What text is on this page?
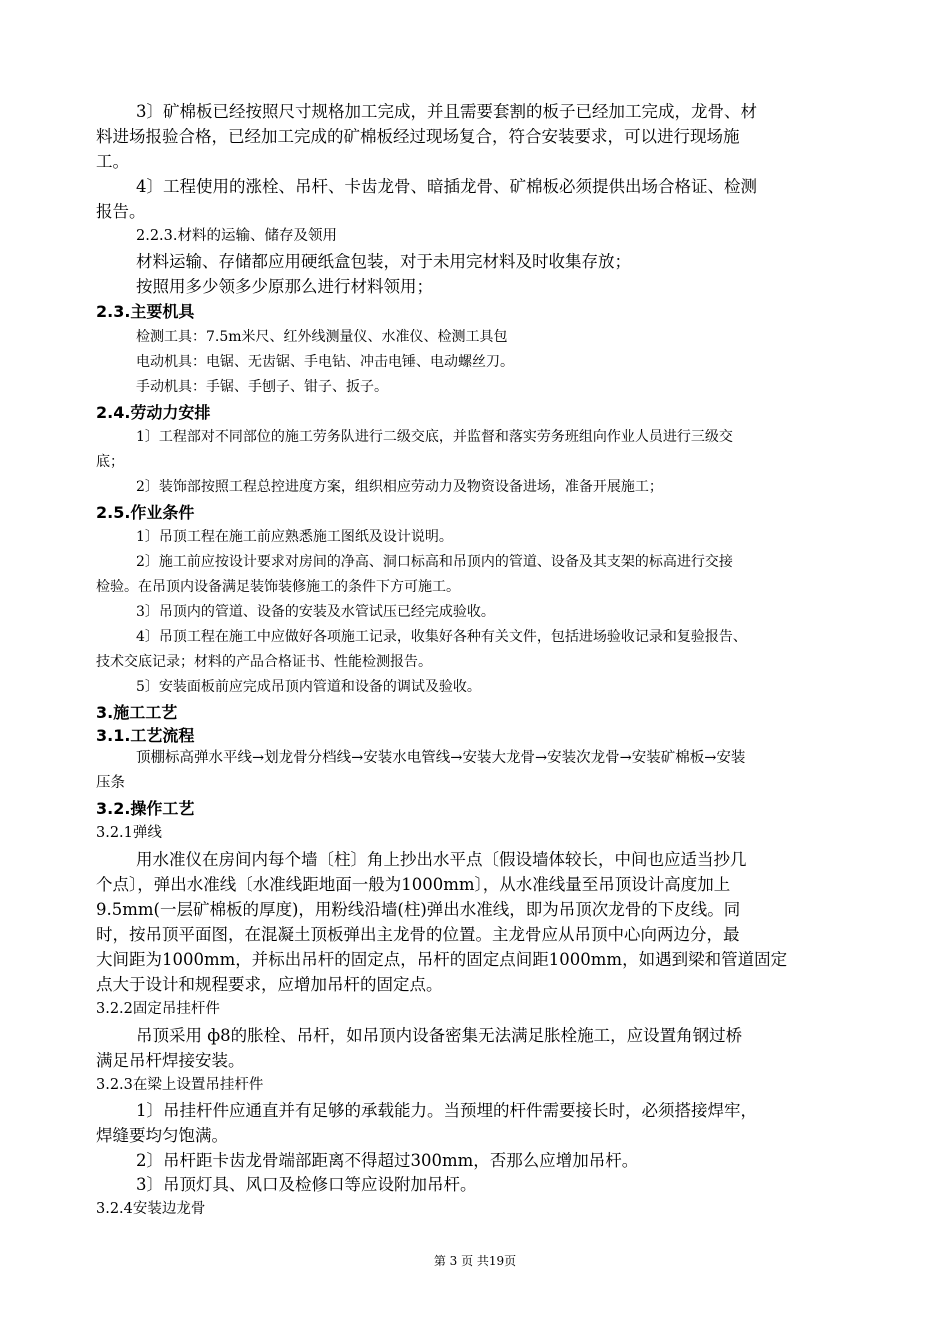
3〕矿棉板已经按照尺寸规格加工完成，并且需要套割的板子已经加工完成，龙骨、材
料进场报验合格，已经加工完成的矿棉板经过现场复合，符合安装要求，可以进行现场施
工。
4〕工程使用的涨栓、吊杆、卡齿龙骨、暗插龙骨、矿棉板必须提供出场合格证、检测
报告。
2.2.3.材料的运输、储存及领用
材料运输、存储都应用硬纸盒包装，对于未用完材料及时收集存放；
按照用多少领多少原那么进行材料领用；
2.3.主要机具
检测工具：7.5m米尺、红外线测量仪、水准仪、检测工具包
电动机具：电锯、无齿锯、手电钻、冲击电锤、电动螺丝刀。
手动机具：手锯、手刨子、钳子、扳子。
2.4.劳动力安排
1〕工程部对不同部位的施工劳务队进行二级交底，并监督和落实劳务班组向作业人员进行三级交
底；
2〕装饰部按照工程总控进度方案，组织相应劳动力及物资设备进场，准备开展施工；
2.5.作业条件
1〕吊顶工程在施工前应熟悉施工图纸及设计说明。
2〕施工前应按设计要求对房间的净高、洞口标高和吊顶内的管道、设备及其支架的标高进行交接
检验。在吊顶内设备满足装饰装修施工的条件下方可施工。
3〕吊顶内的管道、设备的安装及水管试压已经完成验收。
4〕吊顶工程在施工中应做好各项施工记录，收集好各种有关文件，包括进场验收记录和复验报告、
技术交底记录；材料的产品合格证书、性能检测报告。
5〕安装面板前应完成吊顶内管道和设备的调试及验收。
3.施工工艺
3.1.工艺流程
顶棚标高弹水平线→划龙骨分档线→安装水电管线→安装大龙骨→安装次龙骨→安装矿棉板→安装
压条
3.2.操作工艺
3.2.1弹线
用水准仪在房间内每个墙〔柱〕角上抄出水平点〔假设墙体较长，中间也应适当抄几
个点〕，弹出水准线〔水准线距地面一般为1000mm〕，从水准线量至吊顶设计高度加上
9.5mm(一层矿棉板的厚度)，用粉线沿墙(柱)弹出水准线，即为吊顶次龙骨的下皮线。同
时，按吊顶平面图，在混凝土顶板弹出主龙骨的位置。主龙骨应从吊顶中心向两边分，最
大间距为1000mm，并标出吊杆的固定点，吊杆的固定点间距1000mm，如遇到梁和管道固定
点大于设计和规程要求，应增加吊杆的固定点。
3.2.2固定吊挂杆件
吊顶采用 ф8的胀栓、吊杆，如吊顶内设备密集无法满足胀栓施工，应设置角钢过桥
满足吊杆焊接安装。
3.2.3在梁上设置吊挂杆件
1〕吊挂杆件应通直并有足够的承载能力。当预埋的杆件需要接长时，必须搭接焊牢，
焊缝要均匀饱满。
2〕吊杆距卡齿龙骨端部距离不得超过300mm，否那么应增加吊杆。
3〕吊顶灯具、风口及检修口等应设附加吊杆。
3.2.4安装边龙骨
第 3 页 共19页
